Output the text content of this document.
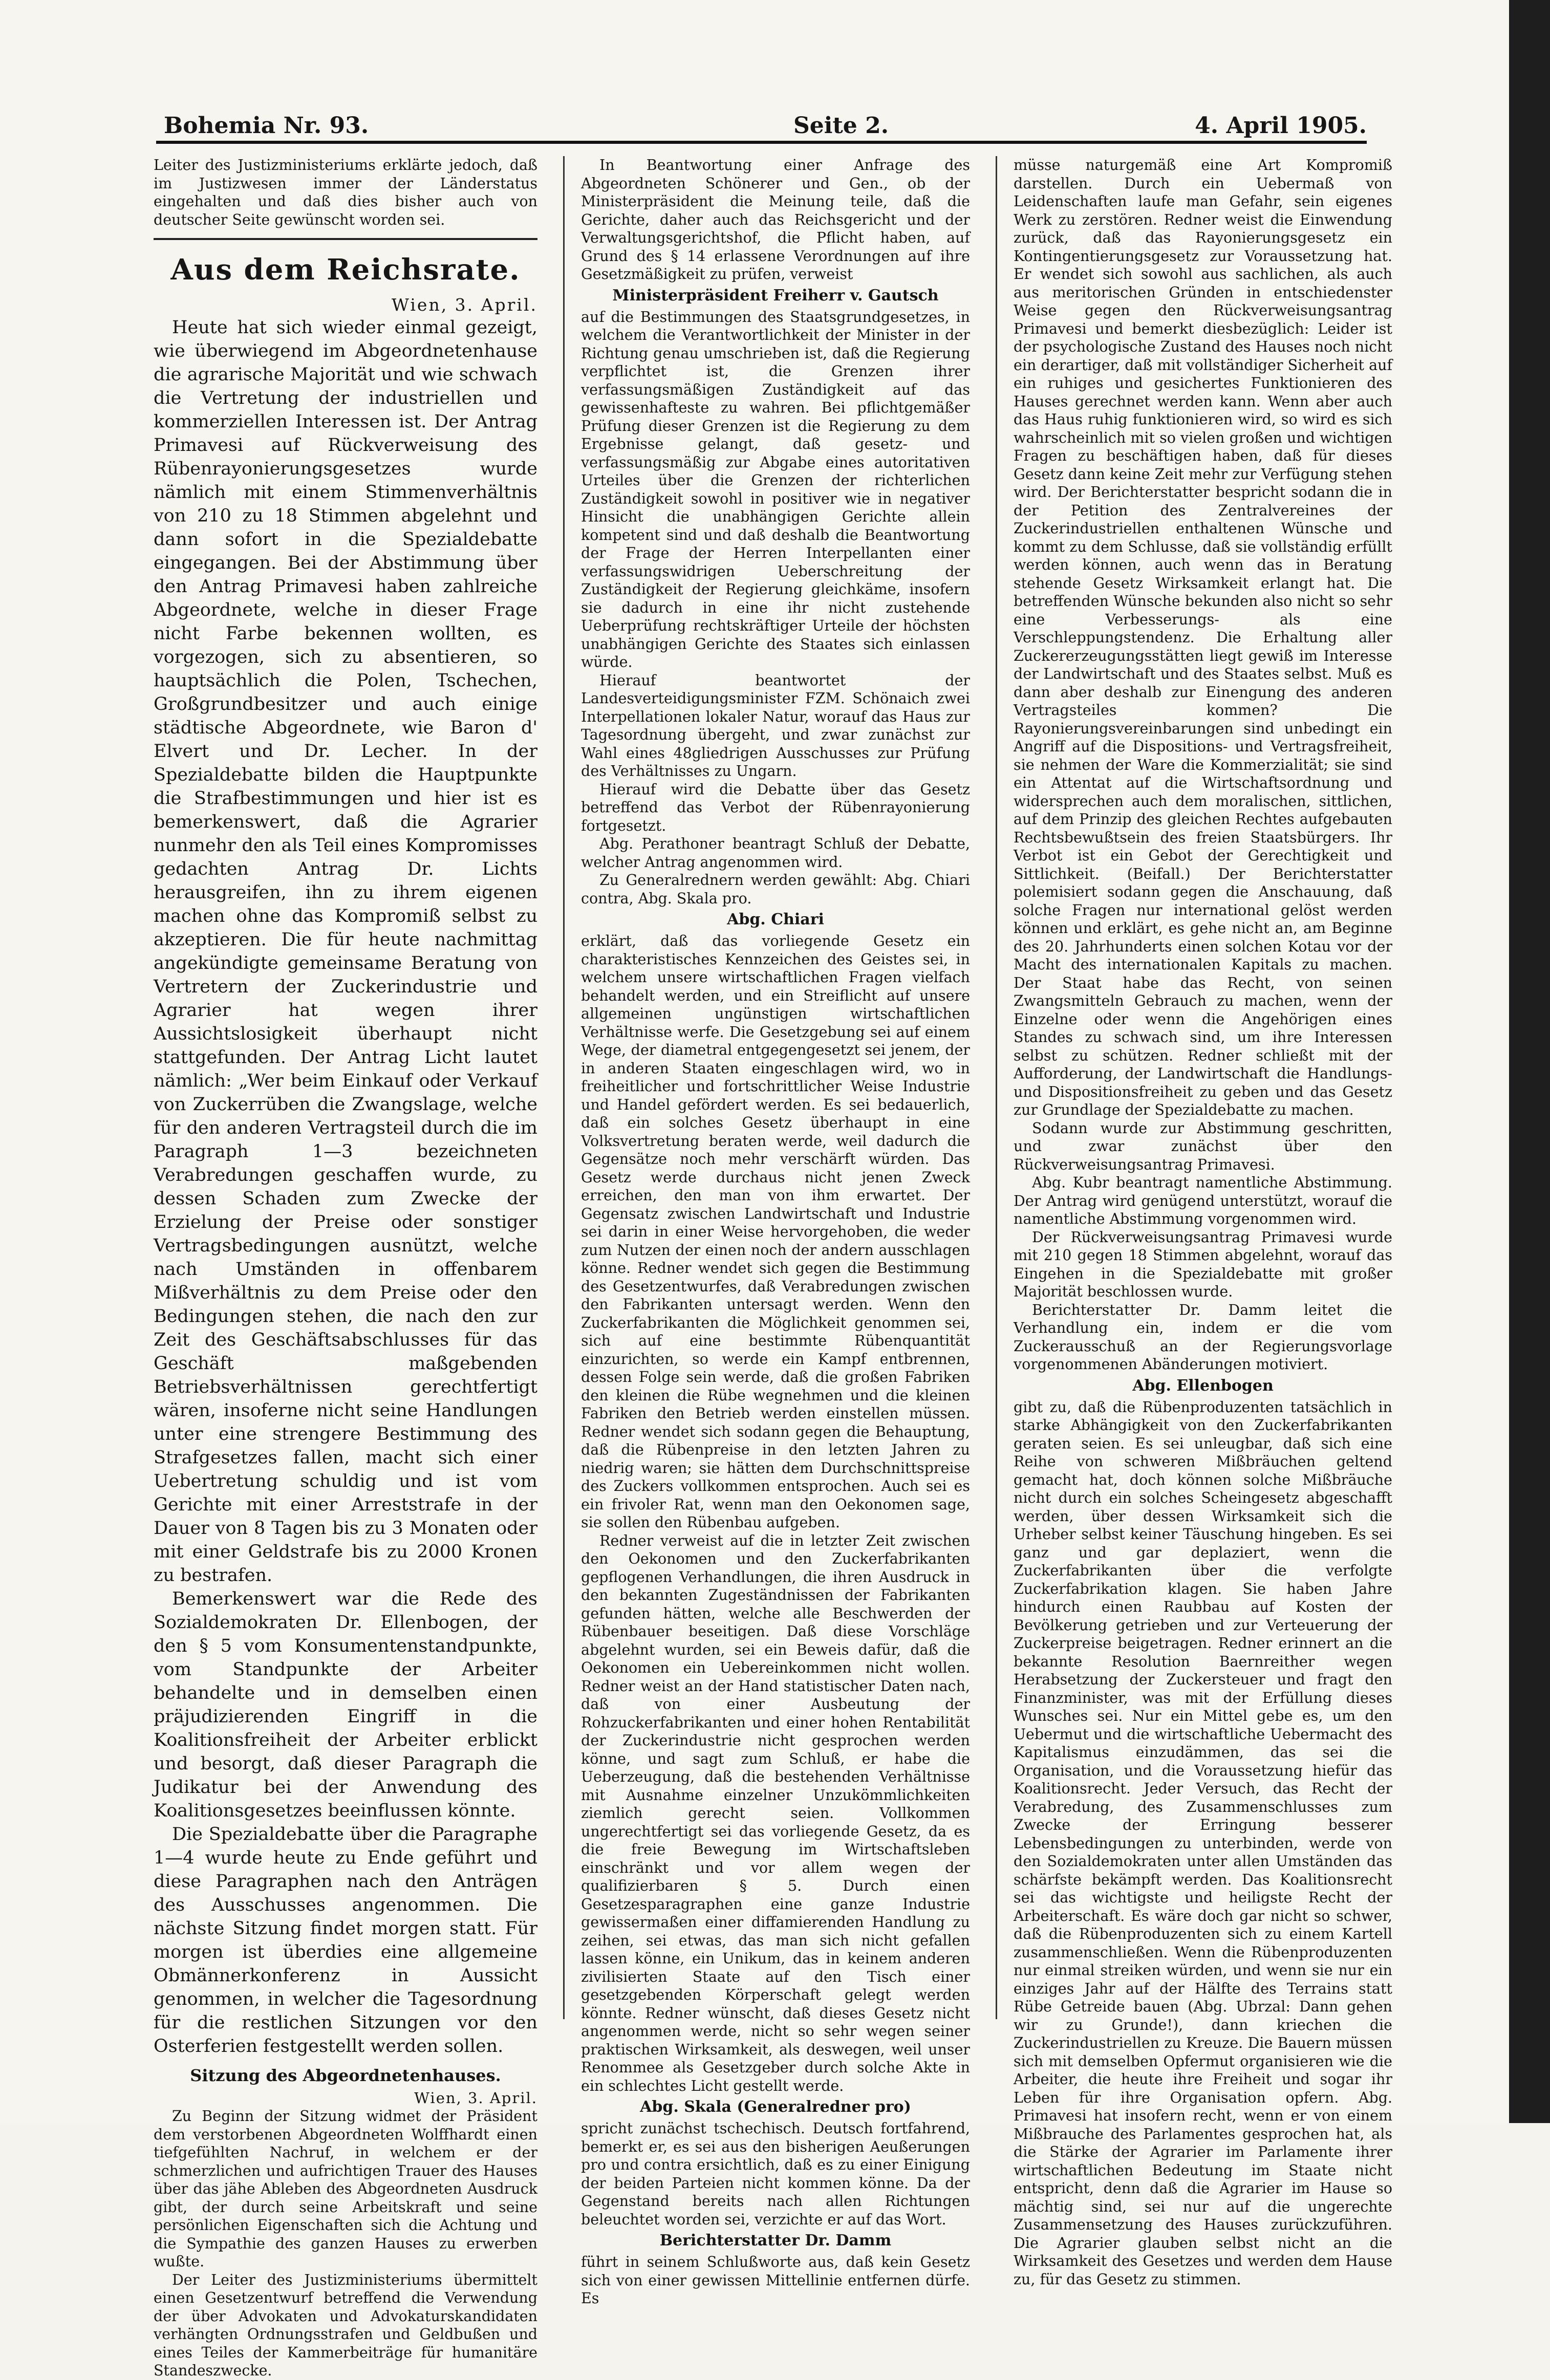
Bohemia Nr. 93.	Seite 2.	4. April 1905.

Leiter des Justizministeriums erklärte jedoch, daß im Justizwesen immer der Länderstatus eingehalten und daß dies bisher auch von deutscher Seite gewünscht worden sei.

Aus dem Reichsrate.
Wien, 3. April.

Heute hat sich wieder einmal gezeigt, wie überwiegend im Abgeordnetenhause die agrarische Majorität und wie schwach die Vertretung der industriellen und kommerziellen Interessen ist. Der Antrag Primavesi auf Rückverweisung des Rübenrayonierungsgesetzes wurde nämlich mit einem Stimmenverhältnis von 210 zu 18 Stimmen abgelehnt und dann sofort in die Spezialdebatte eingegangen. Bei der Abstimmung über den Antrag Primavesi haben zahlreiche Abgeordnete, welche in dieser Frage nicht Farbe bekennen wollten, es vorgezogen, sich zu absentieren, so hauptsächlich die Polen, Tschechen, Großgrundbesitzer und auch einige städtische Abgeordnete, wie Baron d' Elvert und Dr. Lecher. In der Spezialdebatte bilden die Hauptpunkte die Strafbestimmungen und hier ist es bemerkenswert, daß die Agrarier nunmehr den als Teil eines Kompromisses gedachten Antrag Dr. Lichts herausgreifen, ihn zu ihrem eigenen machen ohne das Kompromiß selbst zu akzeptieren. Die für heute nachmittag angekündigte gemeinsame Beratung von Vertretern der Zuckerindustrie und Agrarier hat wegen ihrer Aussichtslosigkeit überhaupt nicht stattgefunden. Der Antrag Licht lautet nämlich: „Wer beim Einkauf oder Verkauf von Zuckerrüben die Zwangslage, welche für den anderen Vertragsteil durch die im Paragraph 1—3 bezeichneten Verabredungen geschaffen wurde, zu dessen Schaden zum Zwecke der Erzielung der Preise oder sonstiger Vertragsbedingungen ausnützt, welche nach Umständen in offenbarem Mißverhältnis zu dem Preise oder den Bedingungen stehen, die nach den zur Zeit des Geschäftsabschlusses für das Geschäft maßgebenden Betriebsverhältnissen gerechtfertigt wären, insoferne nicht seine Handlungen unter eine strengere Bestimmung des Strafgesetzes fallen, macht sich einer Uebertretung schuldig und ist vom Gerichte mit einer Arreststrafe in der Dauer von 8 Tagen bis zu 3 Monaten oder mit einer Geldstrafe bis zu 2000 Kronen zu bestrafen.

Bemerkenswert war die Rede des Sozialdemokraten Dr. Ellenbogen, der den § 5 vom Konsumentenstandpunkte, vom Standpunkte der Arbeiter behandelte und in demselben einen präjudizierenden Eingriff in die Koalitionsfreiheit der Arbeiter erblickt und besorgt, daß dieser Paragraph die Judikatur bei der Anwendung des Koalitionsgesetzes beeinflussen könnte.

Die Spezialdebatte über die Paragraphe 1—4 wurde heute zu Ende geführt und diese Paragraphen nach den Anträgen des Ausschusses angenommen. Die nächste Sitzung findet morgen statt. Für morgen ist überdies eine allgemeine Obmännerkonferenz in Aussicht genommen, in welcher die Tagesordnung für die restlichen Sitzungen vor den Osterferien festgestellt werden sollen.

Sitzung des Abgeordnetenhauses.
Wien, 3. April.

Zu Beginn der Sitzung widmet der Präsident dem verstorbenen Abgeordneten Wolffhardt einen tiefgefühlten Nachruf, in welchem er der schmerzlichen und aufrichtigen Trauer des Hauses über das jähe Ableben des Abgeordneten Ausdruck gibt, der durch seine Arbeitskraft und seine persönlichen Eigenschaften sich die Achtung und die Sympathie des ganzen Hauses zu erwerben wußte.

Der Leiter des Justizministeriums übermittelt einen Gesetzentwurf betreffend die Verwendung der über Advokaten und Advokaturskandidaten verhängten Ordnungsstrafen und Geldbußen und eines Teiles der Kammerbeiträge für humanitäre Standeszwecke.

In Beantwortung einer Anfrage des Abgeordneten Schönerer und Gen., ob der Ministerpräsident die Meinung teile, daß die Gerichte, daher auch das Reichsgericht und der Verwaltungsgerichtshof, die Pflicht haben, auf Grund des § 14 erlassene Verordnungen auf ihre Gesetzmäßigkeit zu prüfen, verweist

Ministerpräsident Freiherr v. Gautsch

auf die Bestimmungen des Staatsgrundgesetzes, in welchem die Verantwortlichkeit der Minister in der Richtung genau umschrieben ist, daß die Regierung verpflichtet ist, die Grenzen ihrer verfassungsmäßigen Zuständigkeit auf das gewissenhafteste zu wahren. Bei pflichtgemäßer Prüfung dieser Grenzen ist die Regierung zu dem Ergebnisse gelangt, daß gesetz- und verfassungsmäßig zur Abgabe eines autoritativen Urteiles über die Grenzen der richterlichen Zuständigkeit sowohl in positiver wie in negativer Hinsicht die unabhängigen Gerichte allein kompetent sind und daß deshalb die Beantwortung der Frage der Herren Interpellanten einer verfassungswidrigen Ueberschreitung der Zuständigkeit der Regierung gleichkäme, insofern sie dadurch in eine ihr nicht zustehende Ueberprüfung rechtskräftiger Urteile der höchsten unabhängigen Gerichte des Staates sich einlassen würde.

Hierauf beantwortet der Landesverteidigungsminister FZM. Schönaich zwei Interpellationen lokaler Natur, worauf das Haus zur Tagesordnung übergeht, und zwar zunächst zur Wahl eines 48gliedrigen Ausschusses zur Prüfung des Verhältnisses zu Ungarn.

Hierauf wird die Debatte über das Gesetz betreffend das Verbot der Rübenrayonierung fortgesetzt.

Abg. Perathoner beantragt Schluß der Debatte, welcher Antrag angenommen wird.

Zu Generalrednern werden gewählt: Abg. Chiari contra, Abg. Skala pro.

Abg. Chiari

erklärt, daß das vorliegende Gesetz ein charakteristisches Kennzeichen des Geistes sei, in welchem unsere wirtschaftlichen Fragen vielfach behandelt werden, und ein Streiflicht auf unsere allgemeinen ungünstigen wirtschaftlichen Verhältnisse werfe. Die Gesetzgebung sei auf einem Wege, der diametral entgegengesetzt sei jenem, der in anderen Staaten eingeschlagen wird, wo in freiheitlicher und fortschrittlicher Weise Industrie und Handel gefördert werden. Es sei bedauerlich, daß ein solches Gesetz überhaupt in eine Volksvertretung beraten werde, weil dadurch die Gegensätze noch mehr verschärft würden. Das Gesetz werde durchaus nicht jenen Zweck erreichen, den man von ihm erwartet. Der Gegensatz zwischen Landwirtschaft und Industrie sei darin in einer Weise hervorgehoben, die weder zum Nutzen der einen noch der andern ausschlagen könne. Redner wendet sich gegen die Bestimmung des Gesetzentwurfes, daß Verabredungen zwischen den Fabrikanten untersagt werden. Wenn den Zuckerfabrikanten die Möglichkeit genommen sei, sich auf eine bestimmte Rübenquantität einzurichten, so werde ein Kampf entbrennen, dessen Folge sein werde, daß die großen Fabriken den kleinen die Rübe wegnehmen und die kleinen Fabriken den Betrieb werden einstellen müssen. Redner wendet sich sodann gegen die Behauptung, daß die Rübenpreise in den letzten Jahren zu niedrig waren; sie hätten dem Durchschnittspreise des Zuckers vollkommen entsprochen. Auch sei es ein frivoler Rat, wenn man den Oekonomen sage, sie sollen den Rübenbau aufgeben.

Redner verweist auf die in letzter Zeit zwischen den Oekonomen und den Zuckerfabrikanten gepflogenen Verhandlungen, die ihren Ausdruck in den bekannten Zugeständnissen der Fabrikanten gefunden hätten, welche alle Beschwerden der Rübenbauer beseitigen. Daß diese Vorschläge abgelehnt wurden, sei ein Beweis dafür, daß die Oekonomen ein Uebereinkommen nicht wollen. Redner weist an der Hand statistischer Daten nach, daß von einer Ausbeutung der Rohzuckerfabrikanten und einer hohen Rentabilität der Zuckerindustrie nicht gesprochen werden könne, und sagt zum Schluß, er habe die Ueberzeugung, daß die bestehenden Verhältnisse mit Ausnahme einzelner Unzukömmlichkeiten ziemlich gerecht seien. Vollkommen ungerechtfertigt sei das vorliegende Gesetz, da es die freie Bewegung im Wirtschaftsleben einschränkt und vor allem wegen der qualifizierbaren § 5. Durch einen Gesetzesparagraphen eine ganze Industrie gewissermaßen einer diffamierenden Handlung zu zeihen, sei etwas, das man sich nicht gefallen lassen könne, ein Unikum, das in keinem anderen zivilisierten Staate auf den Tisch einer gesetzgebenden Körperschaft gelegt werden könnte. Redner wünscht, daß dieses Gesetz nicht angenommen werde, nicht so sehr wegen seiner praktischen Wirksamkeit, als deswegen, weil unser Renommee als Gesetzgeber durch solche Akte in ein schlechtes Licht gestellt werde.

Abg. Skala (Generalredner pro)

spricht zunächst tschechisch. Deutsch fortfahrend, bemerkt er, es sei aus den bisherigen Aeußerungen pro und contra ersichtlich, daß es zu einer Einigung der beiden Parteien nicht kommen könne. Da der Gegenstand bereits nach allen Richtungen beleuchtet worden sei, verzichte er auf das Wort.

Berichterstatter Dr. Damm

führt in seinem Schlußworte aus, daß kein Gesetz sich von einer gewissen Mittellinie entfernen dürfe. Es

müsse naturgemäß eine Art Kompromiß darstellen. Durch ein Uebermaß von Leidenschaften laufe man Gefahr, sein eigenes Werk zu zerstören. Redner weist die Einwendung zurück, daß das Rayonierungsgesetz ein Kontingentierungsgesetz zur Voraussetzung hat. Er wendet sich sowohl aus sachlichen, als auch aus meritorischen Gründen in entschiedenster Weise gegen den Rückverweisungsantrag Primavesi und bemerkt diesbezüglich: Leider ist der psychologische Zustand des Hauses noch nicht ein derartiger, daß mit vollständiger Sicherheit auf ein ruhiges und gesichertes Funktionieren des Hauses gerechnet werden kann. Wenn aber auch das Haus ruhig funktionieren wird, so wird es sich wahrscheinlich mit so vielen großen und wichtigen Fragen zu beschäftigen haben, daß für dieses Gesetz dann keine Zeit mehr zur Verfügung stehen wird. Der Berichterstatter bespricht sodann die in der Petition des Zentralvereines der Zuckerindustriellen enthaltenen Wünsche und kommt zu dem Schlusse, daß sie vollständig erfüllt werden können, auch wenn das in Beratung stehende Gesetz Wirksamkeit erlangt hat. Die betreffenden Wünsche bekunden also nicht so sehr eine Verbesserungs- als eine Verschleppungstendenz. Die Erhaltung aller Zuckererzeugungsstätten liegt gewiß im Interesse der Landwirtschaft und des Staates selbst. Muß es dann aber deshalb zur Einengung des anderen Vertragsteiles kommen? Die Rayonierungsvereinbarungen sind unbedingt ein Angriff auf die Dispositions- und Vertragsfreiheit, sie nehmen der Ware die Kommerzialität; sie sind ein Attentat auf die Wirtschaftsordnung und widersprechen auch dem moralischen, sittlichen, auf dem Prinzip des gleichen Rechtes aufgebauten Rechtsbewußtsein des freien Staatsbürgers. Ihr Verbot ist ein Gebot der Gerechtigkeit und Sittlichkeit. (Beifall.) Der Berichterstatter polemisiert sodann gegen die Anschauung, daß solche Fragen nur international gelöst werden können und erklärt, es gehe nicht an, am Beginne des 20. Jahrhunderts einen solchen Kotau vor der Macht des internationalen Kapitals zu machen. Der Staat habe das Recht, von seinen Zwangsmitteln Gebrauch zu machen, wenn der Einzelne oder wenn die Angehörigen eines Standes zu schwach sind, um ihre Interessen selbst zu schützen. Redner schließt mit der Aufforderung, der Landwirtschaft die Handlungs- und Dispositionsfreiheit zu geben und das Gesetz zur Grundlage der Spezialdebatte zu machen.

Sodann wurde zur Abstimmung geschritten, und zwar zunächst über den Rückverweisungsantrag Primavesi.

Abg. Kubr beantragt namentliche Abstimmung. Der Antrag wird genügend unterstützt, worauf die namentliche Abstimmung vorgenommen wird.

Der Rückverweisungsantrag Primavesi wurde mit 210 gegen 18 Stimmen abgelehnt, worauf das Eingehen in die Spezialdebatte mit großer Majorität beschlossen wurde.

Berichterstatter Dr. Damm leitet die Verhandlung ein, indem er die vom Zuckerausschuß an der Regierungsvorlage vorgenommenen Abänderungen motiviert.

Abg. Ellenbogen

gibt zu, daß die Rübenproduzenten tatsächlich in starke Abhängigkeit von den Zuckerfabrikanten geraten seien. Es sei unleugbar, daß sich eine Reihe von schweren Mißbräuchen geltend gemacht hat, doch können solche Mißbräuche nicht durch ein solches Scheingesetz abgeschafft werden, über dessen Wirksamkeit sich die Urheber selbst keiner Täuschung hingeben. Es sei ganz und gar deplaziert, wenn die Zuckerfabrikanten über die verfolgte Zuckerfabrikation klagen. Sie haben Jahre hindurch einen Raubbau auf Kosten der Bevölkerung getrieben und zur Verteuerung der Zuckerpreise beigetragen. Redner erinnert an die bekannte Resolution Baernreither wegen Herabsetzung der Zuckersteuer und fragt den Finanzminister, was mit der Erfüllung dieses Wunsches sei. Nur ein Mittel gebe es, um den Uebermut und die wirtschaftliche Uebermacht des Kapitalismus einzudämmen, das sei die Organisation, und die Voraussetzung hiefür das Koalitionsrecht. Jeder Versuch, das Recht der Verabredung, des Zusammenschlusses zum Zwecke der Erringung besserer Lebensbedingungen zu unterbinden, werde von den Sozialdemokraten unter allen Umständen das schärfste bekämpft werden. Das Koalitionsrecht sei das wichtigste und heiligste Recht der Arbeiterschaft. Es wäre doch gar nicht so schwer, daß die Rübenproduzenten sich zu einem Kartell zusammenschließen. Wenn die Rübenproduzenten nur einmal streiken würden, und wenn sie nur ein einziges Jahr auf der Hälfte des Terrains statt Rübe Getreide bauen (Abg. Ubrzal: Dann gehen wir zu Grunde!), dann kriechen die Zuckerindustriellen zu Kreuze. Die Bauern müssen sich mit demselben Opfermut organisieren wie die Arbeiter, die heute ihre Freiheit und sogar ihr Leben für ihre Organisation opfern. Abg. Primavesi hat insofern recht, wenn er von einem Mißbrauche des Parlamentes gesprochen hat, als die Stärke der Agrarier im Parlamente ihrer wirtschaftlichen Bedeutung im Staate nicht entspricht, denn daß die Agrarier im Hause so mächtig sind, sei nur auf die ungerechte Zusammensetzung des Hauses zurückzuführen. Die Agrarier glauben selbst nicht an die Wirksamkeit des Gesetzes und werden dem Hause zu, für das Gesetz zu stimmen.
